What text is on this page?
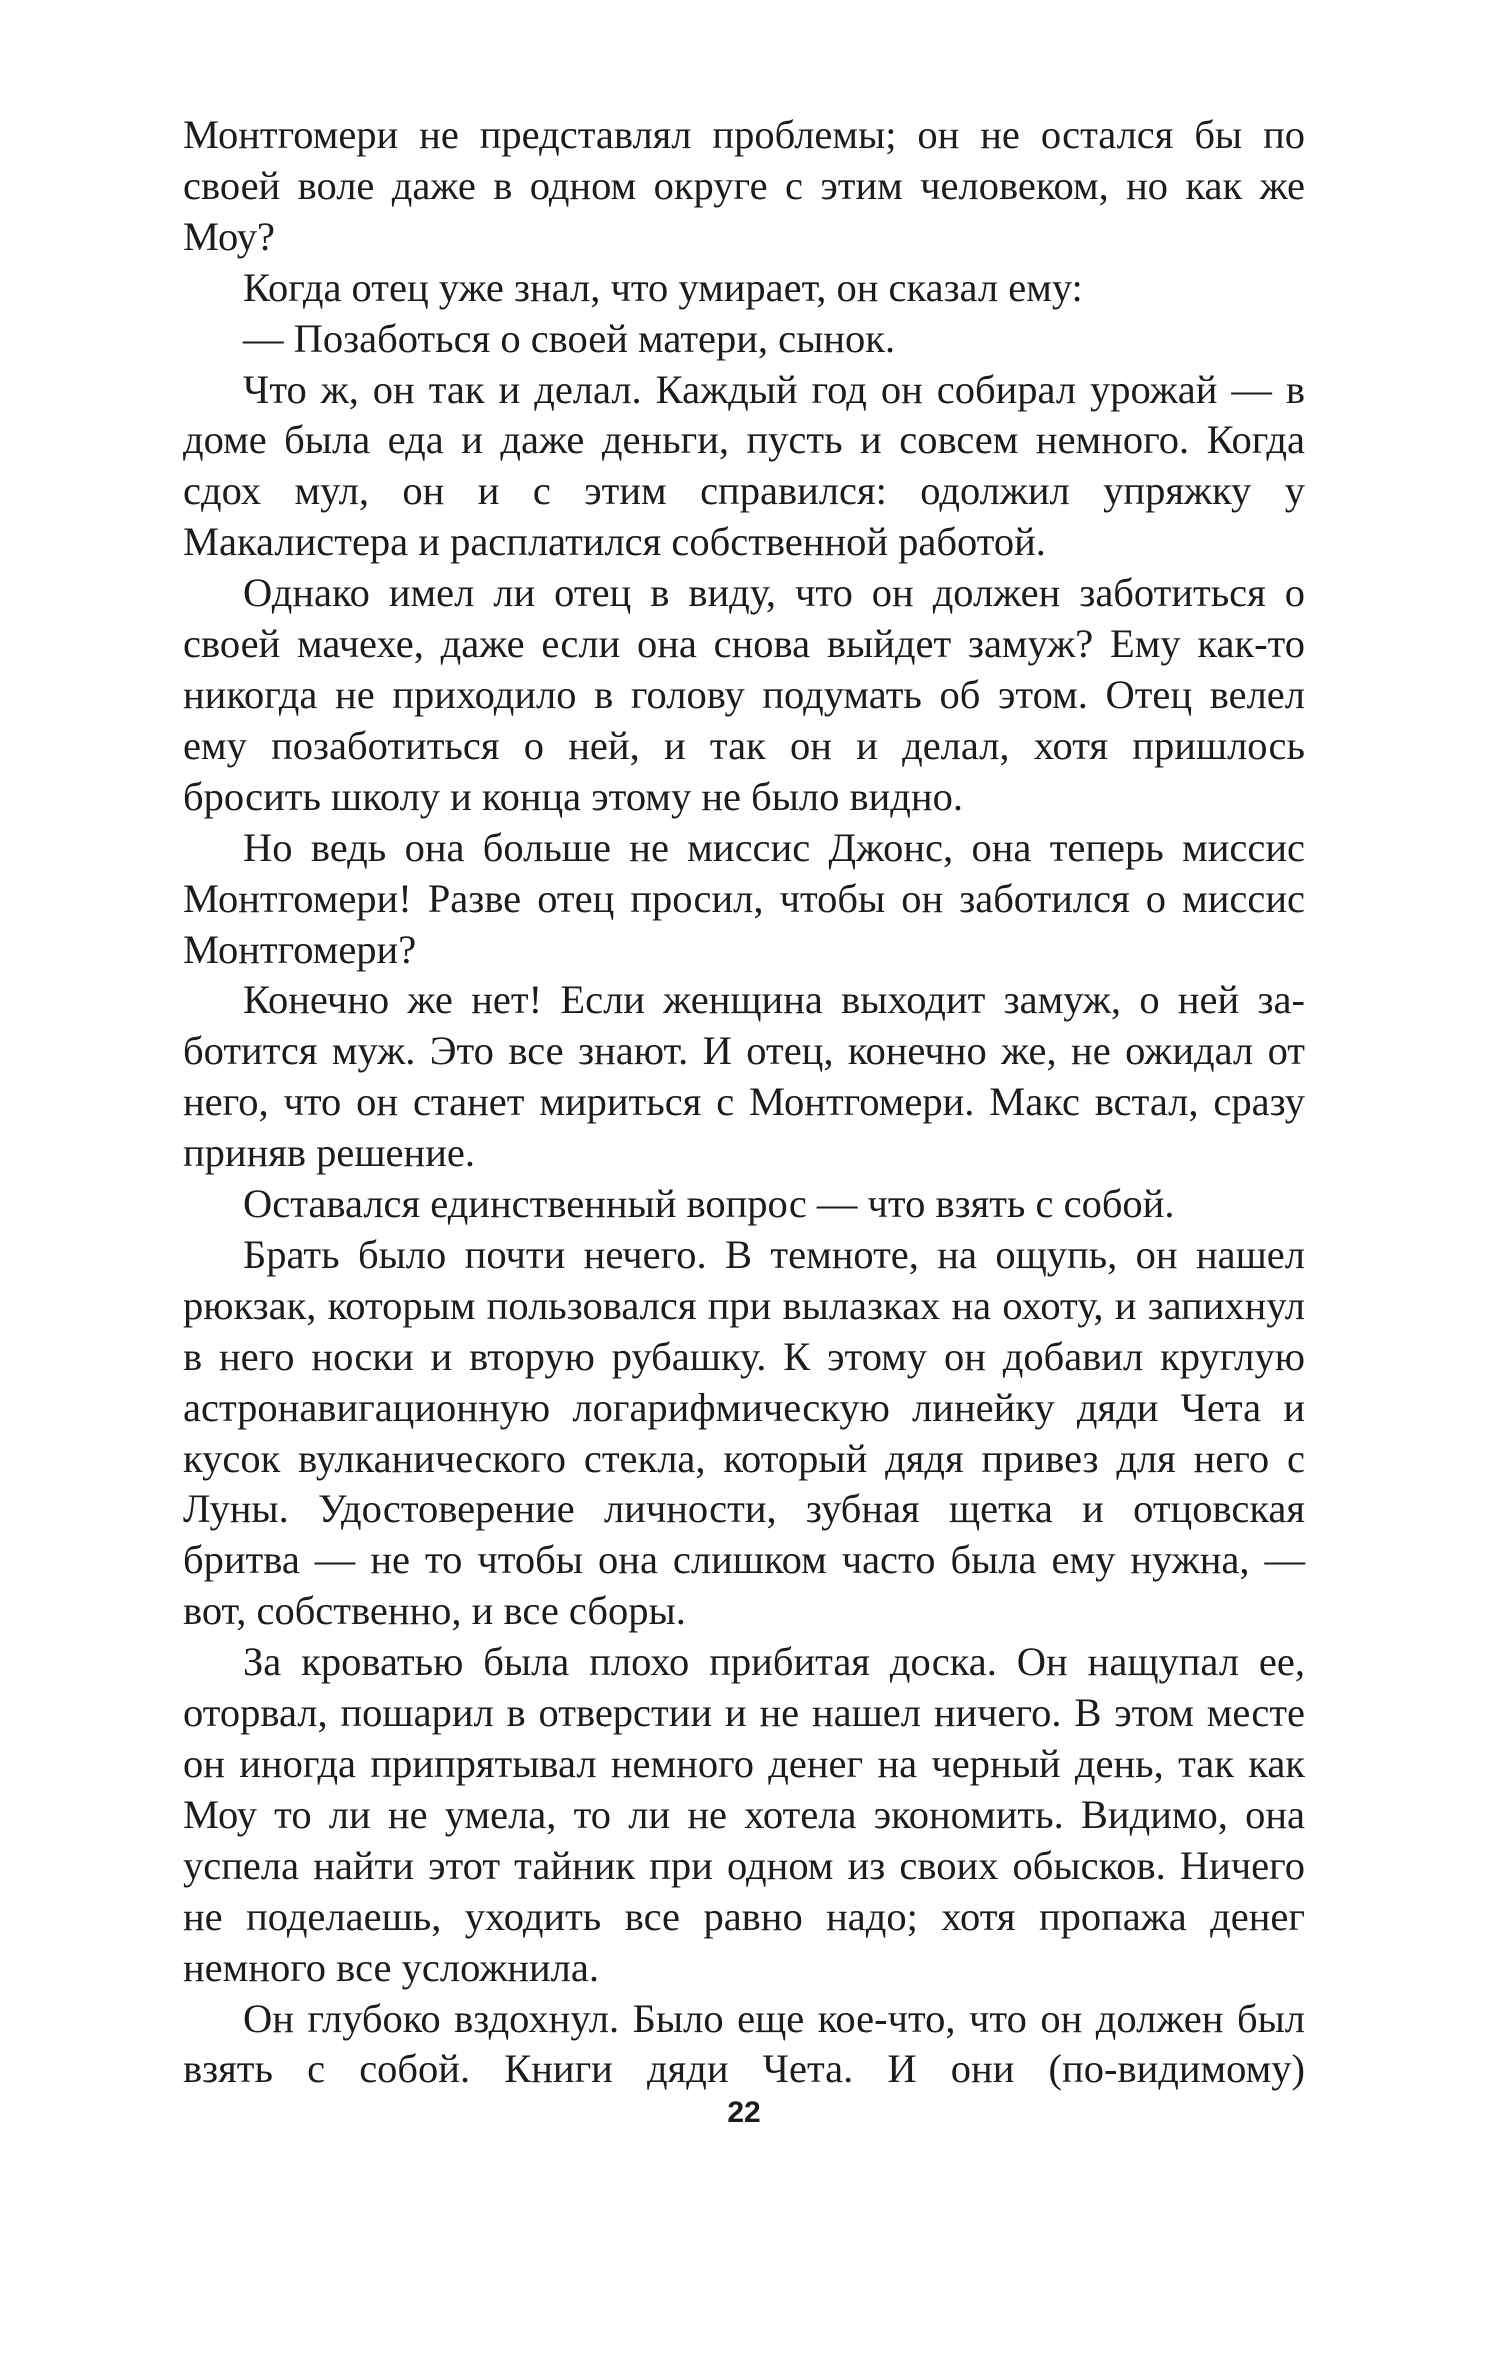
Монтгомери не представлял проблемы; он не остался бы по своей воле даже в одном округе с этим человеком, но как же Моу?

Когда отец уже знал, что умирает, он сказал ему:

— Позаботься о своей матери, сынок.

Что ж, он так и делал. Каждый год он собирал урожай — в доме была еда и даже деньги, пусть и совсем немного. Когда сдох мул, он и с этим справился: одолжил упряжку у Макалистера и расплатился собственной работой.

Однако имел ли отец в виду, что он должен заботиться о своей мачехе, даже если она снова выйдет замуж? Ему как-то никогда не приходило в голову подумать об этом. Отец велел ему позаботиться о ней, и так он и делал, хотя пришлось бросить школу и конца этому не было видно.

Но ведь она больше не миссис Джонс, она теперь миссис Монтгомери! Разве отец просил, чтобы он заботился о миссис Монтгомери?

Конечно же нет! Если женщина выходит замуж, о ней заботится муж. Это все знают. И отец, конечно же, не ожидал от него, что он станет мириться с Монтгомери. Макс встал, сразу приняв решение.

Оставался единственный вопрос — что взять с собой.

Брать было почти нечего. В темноте, на ощупь, он нашел рюкзак, которым пользовался при вылазках на охоту, и запихнул в него носки и вторую рубашку. К этому он добавил круглую астронавигационную логарифмическую линейку дяди Чета и кусок вулканического стекла, который дядя привез для него с Луны. Удостоверение личности, зубная щетка и отцовская бритва — не то чтобы она слишком часто была ему нужна, — вот, собственно, и все сборы.

За кроватью была плохо прибитая доска. Он нащупал ее, оторвал, пошарил в отверстии и не нашел ничего. В этом месте он иногда припрятывал немного денег на черный день, так как Моу то ли не умела, то ли не хотела экономить. Видимо, она успела найти этот тайник при одном из своих обысков. Ничего не поделаешь, уходить все равно надо; хотя пропажа денег немного все усложнила.

Он глубоко вздохнул. Было еще кое-что, что он должен был взять с собой. Книги дяди Чета. И они (по-видимому)

22
